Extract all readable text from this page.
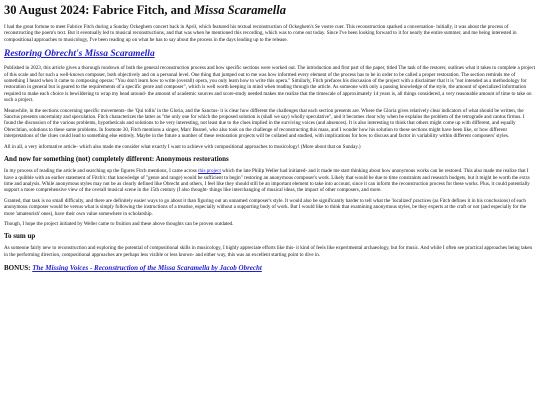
30 August 2024: Fabrice Fitch, and Missa Scaramella

I had the great fortune to meet Fabrice Fitch during a Sunday Ockeghem concert back in April, which featured his textual reconstruction of Ockeghem's Se vostre cuer. This reconstruction sparked a conversation- initially, it was about the process of reconstructing the poem's text. But it eventually led to musical reconstructions, and that was when he mentioned this recording, which was to come out today. Since I've been looking forward to it for nearly the entire summer, and me being interested in compositional approaches to musicology, I've been reading up on what he has to say about the process in the days leading up to the release.

Restoring Obrecht's Missa Scaramella

Published in 2023, this article gives a thorough rundown of both the general reconstruction process and how specific sections were worked out. The introduction and first part of the paper, titled The task of the restorer, outlines what it takes to complete a project of this scale and for such a well-known composer, both objectively and on a personal level. One thing that jumped out to me was how informed every element of the process has to be in order to be called a proper restoration. The section reminds me of something I heard when it came to composing operas: "You don't learn how to write (overall) opera, you only learn how to write this opera." Similarly, Fitch prefaces his discussion of the project with a disclaimer that it is "not intended as a methodology for restoration in general but is geared to the requirements of a specific genre and composer", which is well worth keeping in mind when reading through the article. As someone with only a passing knowledge of the style, the amount of specialized information required to make each choice is bewildering to wrap my head around- the amount of academic sources and score-study needed makes me realize that the timescale of approximately 14 years is, all things considered, a very reasonable amount of time to take on such a project.

Meanwhile, in the sections concerning specific movements- the 'Qui tollis' in the Gloria, and the Sanctus- it is clear how different the challenges that each section presents are. Where the Gloria gives relatively clear indicators of what should be written, the Sanctus presents uncertainty and speculation. Fitch characterizes the latter as "the only one for which the proposed solution is (shall we say) wholly speculative", and it becomes clear why when he explains the problem of the tetrograde and cantus firmus. I found the discussion of the various problems, hypotheticals and solutions to be very interesting, not least due to the clues implied in the surviving voices (and absences). It is also interesting to think that others might come up with different, and equally Obrechtian, solutions to these same problems. In footnote 30, Fitch mentions a singer, Marc Busnel, who also took on the challenge of reconstructing this mass, and I wonder how his solution to these sections might have been like, or how different interpretations of the clues could lead to something else entirely. Maybe in the future a number of these restoration projects will be collated and studied, with implications for how to discuss and factor in variability within different composers' styles.

All in all, a very informative article- which also made me consider what exactly I want to achieve with compositional approaches to musicology! (More about that on Sunday.)

And now for something (not) completely different: Anonymous restorations

In my process of reading the article and searching up the figures Fitch mentions, I came across this project which the late Philip Weller had initiated- and it made me start thinking about how anonymous works can be restored. This also made me realize that I have a quibble with an earlier statement of Fitch's: that knowledge of "genre and range) would be sufficient to begin" restoring an anonymous composer's work. Likely that would be due to time constraints and research budgets, but it might be worth the extra time and analysis. While anonymous styles may not be as clearly defined like Obrecht and others, I feel like they should still be an important element to take into account, since it can inform the reconstruction process for these works. Plus, it could potentially support a more comprehensive view of the overall musical scene in the 15th century (I also thought- things like interchanging of musical ideas, the impact of other composers, and more.

Granted, that task is no small difficulty, and there are definitely easier ways to go about it than figuring out an unnamed composer's style. It would also be significantly harder to tell what the 'localized' practices (as Fitch defines it in his conclusions) of each anonymous composer would be versus what is simply following the instructions of a treatise, especially without a supporting body of work. But I would like to think that examining anonymous styles, be they experts at the craft or not (and especially for the more 'amateurish' ones), have their own value somewhere in scholarship.

Though, I hope the project initiated by Weller came to fruition and these above thoughts can be proven outdated.

To sum up

As someone fairly new to reconstruction and exploring the potential of compositional skills in musicology, I highly appreciate efforts like this- it kind of feels like experimental archaeology, but for music. And while I often see practical approaches being taken in the performing direction, compositional approaches are perhaps less visible or less known- and either way, this was an excellent starting point to dive in.

BONUS: The Missing Voices - Reconstruction of the Missa Scaramella by Jacob Obrecht
